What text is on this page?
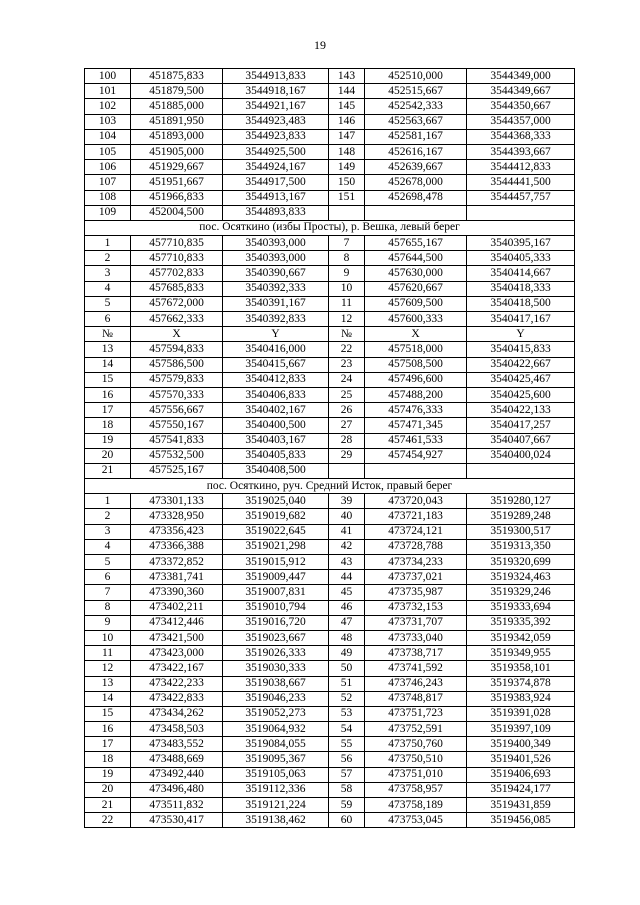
19
100	451875,833	3544913,833	143	452510,000	3544349,000
101	451879,500	3544918,167	144	452515,667	3544349,667
102	451885,000	3544921,167	145	452542,333	3544350,667
103	451891,950	3544923,483	146	452563,667	3544357,000
104	451893,000	3544923,833	147	452581,167	3544368,333
105	451905,000	3544925,500	148	452616,167	3544393,667
106	451929,667	3544924,167	149	452639,667	3544412,833
107	451951,667	3544917,500	150	452678,000	3544441,500
108	451966,833	3544913,167	151	452698,478	3544457,757
109	452004,500	3544893,833			
пос. Осяткино (избы Просты), р. Вешка, левый берег					
1	457710,835	3540393,000	7	457655,167	3540395,167
2	457710,833	3540393,000	8	457644,500	3540405,333
3	457702,833	3540390,667	9	457630,000	3540414,667
4	457685,833	3540392,333	10	457620,667	3540418,333
5	457672,000	3540391,167	11	457609,500	3540418,500
6	457662,333	3540392,833	12	457600,333	3540417,167
№	X	Y	№	X	Y
13	457594,833	3540416,000	22	457518,000	3540415,833
14	457586,500	3540415,667	23	457508,500	3540422,667
15	457579,833	3540412,833	24	457496,600	3540425,467
16	457570,333	3540406,833	25	457488,200	3540425,600
17	457556,667	3540402,167	26	457476,333	3540422,133
18	457550,167	3540400,500	27	457471,345	3540417,257
19	457541,833	3540403,167	28	457461,533	3540407,667
20	457532,500	3540405,833	29	457454,927	3540400,024
21	457525,167	3540408,500			
пос. Осяткино, руч. Средний Исток, правый берег					
1	473301,133	3519025,040	39	473720,043	3519280,127
2	473328,950	3519019,682	40	473721,183	3519289,248
3	473356,423	3519022,645	41	473724,121	3519300,517
4	473366,388	3519021,298	42	473728,788	3519313,350
5	473372,852	3519015,912	43	473734,233	3519320,699
6	473381,741	3519009,447	44	473737,021	3519324,463
7	473390,360	3519007,831	45	473735,987	3519329,246
8	473402,211	3519010,794	46	473732,153	3519333,694
9	473412,446	3519016,720	47	473731,707	3519335,392
10	473421,500	3519023,667	48	473733,040	3519342,059
11	473423,000	3519026,333	49	473738,717	3519349,955
12	473422,167	3519030,333	50	473741,592	3519358,101
13	473422,233	3519038,667	51	473746,243	3519374,878
14	473422,833	3519046,233	52	473748,817	3519383,924
15	473434,262	3519052,273	53	473751,723	3519391,028
16	473458,503	3519064,932	54	473752,591	3519397,109
17	473483,552	3519084,055	55	473750,760	3519400,349
18	473488,669	3519095,367	56	473750,510	3519401,526
19	473492,440	3519105,063	57	473751,010	3519406,693
20	473496,480	3519112,336	58	473758,957	3519424,177
21	473511,832	3519121,224	59	473758,189	3519431,859
22	473530,417	3519138,462	60	473753,045	3519456,085
